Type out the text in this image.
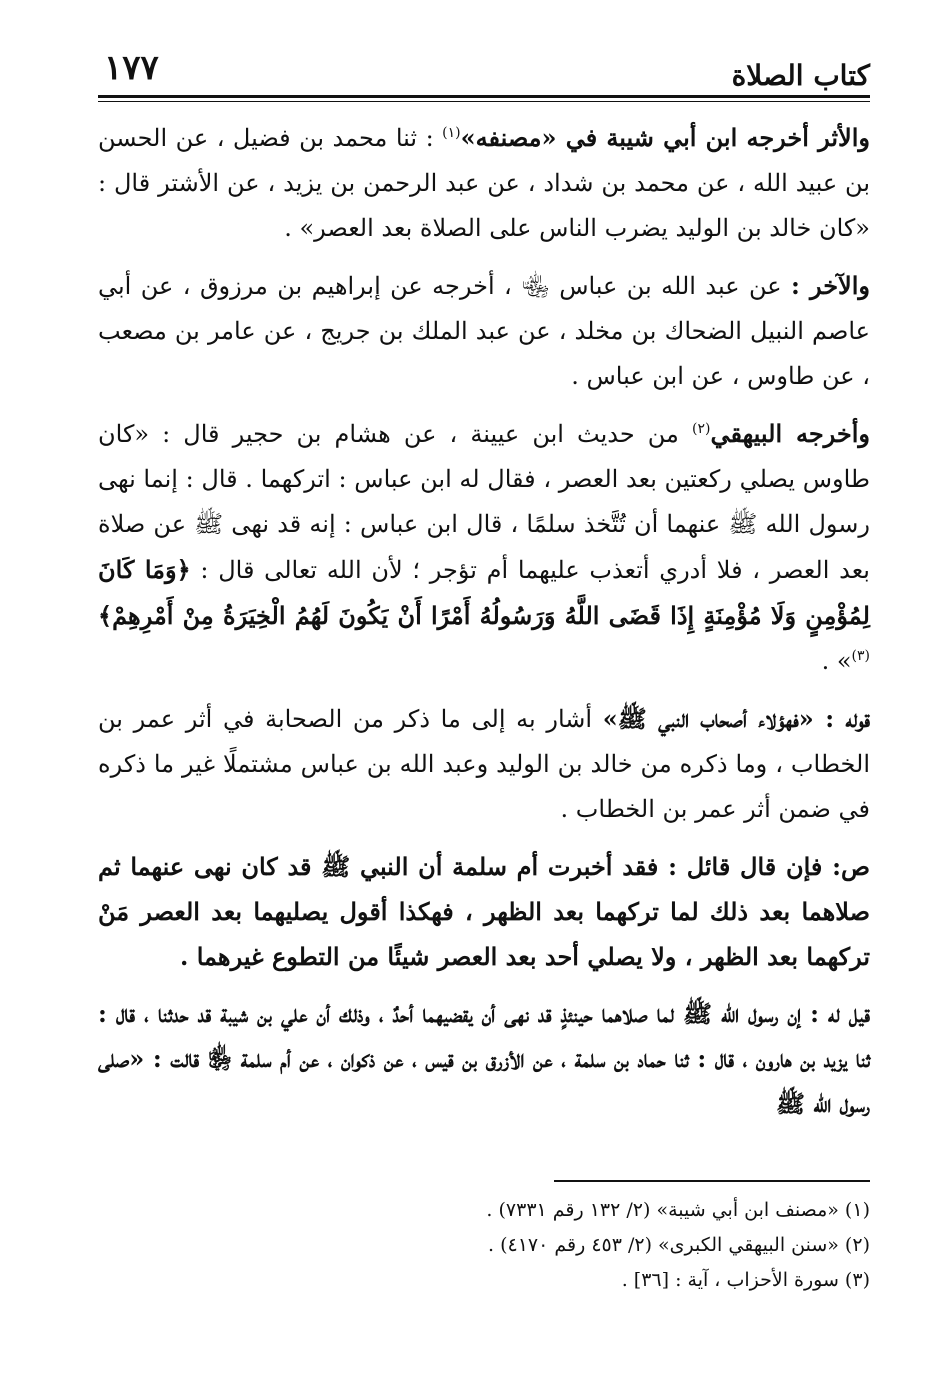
١٧٧	كتاب الصلاة

والأثر أخرجه ابن أبي شيبة في «مصنفه»$^{(١)}$ : ثنا محمد بن فضيل ، عن الحسن بن عبيد الله ، عن محمد بن شداد ، عن عبد الرحمن بن يزيد ، عن الأشتر قال : «كان خالد بن الوليد يضرب الناس على الصلاة بعد العصر» .

والآخر : عن عبد الله بن عباس ﵄ ، أخرجه عن إبراهيم بن مرزوق ، عن أبي عاصم النبيل الضحاك بن مخلد ، عن عبد الملك بن جريج ، عن عامر بن مصعب ، عن طاوس ، عن ابن عباس .

وأخرجه البيهقي$^{(٢)}$ من حديث ابن عيينة ، عن هشام بن حجير قال : «كان طاوس يصلي ركعتين بعد العصر ، فقال له ابن عباس : اتركهما . قال : إنما نهى رسول الله ﷺ عنهما أن تُتَّخذ سلمًا ، قال ابن عباس : إنه قد نهى ﷺ عن صلاة بعد العصر ، فلا أدري أتعذب عليهما أم تؤجر ؛ لأن الله تعالى قال : ﴿وَمَا كَانَ لِمُؤْمِنٍ وَلَا مُؤْمِنَةٍ إِذَا قَضَى اللَّهُ وَرَسُولُهُ أَمْرًا أَنْ يَكُونَ لَهُمُ الْخِيَرَةُ مِنْ أَمْرِهِمْ﴾$^{(٣)}$» .

قوله : «فهؤلاء أصحاب النبي ﷺ» أشار به إلى ما ذكر من الصحابة في أثر عمر بن الخطاب ، وما ذكره من خالد بن الوليد وعبد الله بن عباس مشتملًا غير ما ذكره في ضمن أثر عمر بن الخطاب .

ص: فإن قال قائل : فقد أخبرت أم سلمة أن النبي ﷺ قد كان نهى عنهما ثم صلاهما بعد ذلك لما تركهما بعد الظهر ، فهكذا أقول يصليهما بعد العصر مَنْ تركهما بعد الظهر ، ولا يصلي أحد بعد العصر شيئًا من التطوع غيرهما .

قيل له : إن رسول الله ﷺ لما صلاهما حينئذٍ قد نهى أن يقضيهما أحدٌ ، وذلك أن علي بن شيبة قد حدثنا ، قال : ثنا يزيد بن هارون ، قال : ثنا حماد بن سلمة ، عن الأزرق بن قيس ، عن ذكوان ، عن أم سلمة ﵂ قالت : «صلى رسول الله ﷺ

(١) «مصنف ابن أبي شيبة» (٢/ ١٣٢ رقم ٧٣٣١) .

(٢) «سنن البيهقي الكبرى» (٢/ ٤٥٣ رقم ٤١٧٠) .

(٣) سورة الأحزاب ، آية : [٣٦] .
